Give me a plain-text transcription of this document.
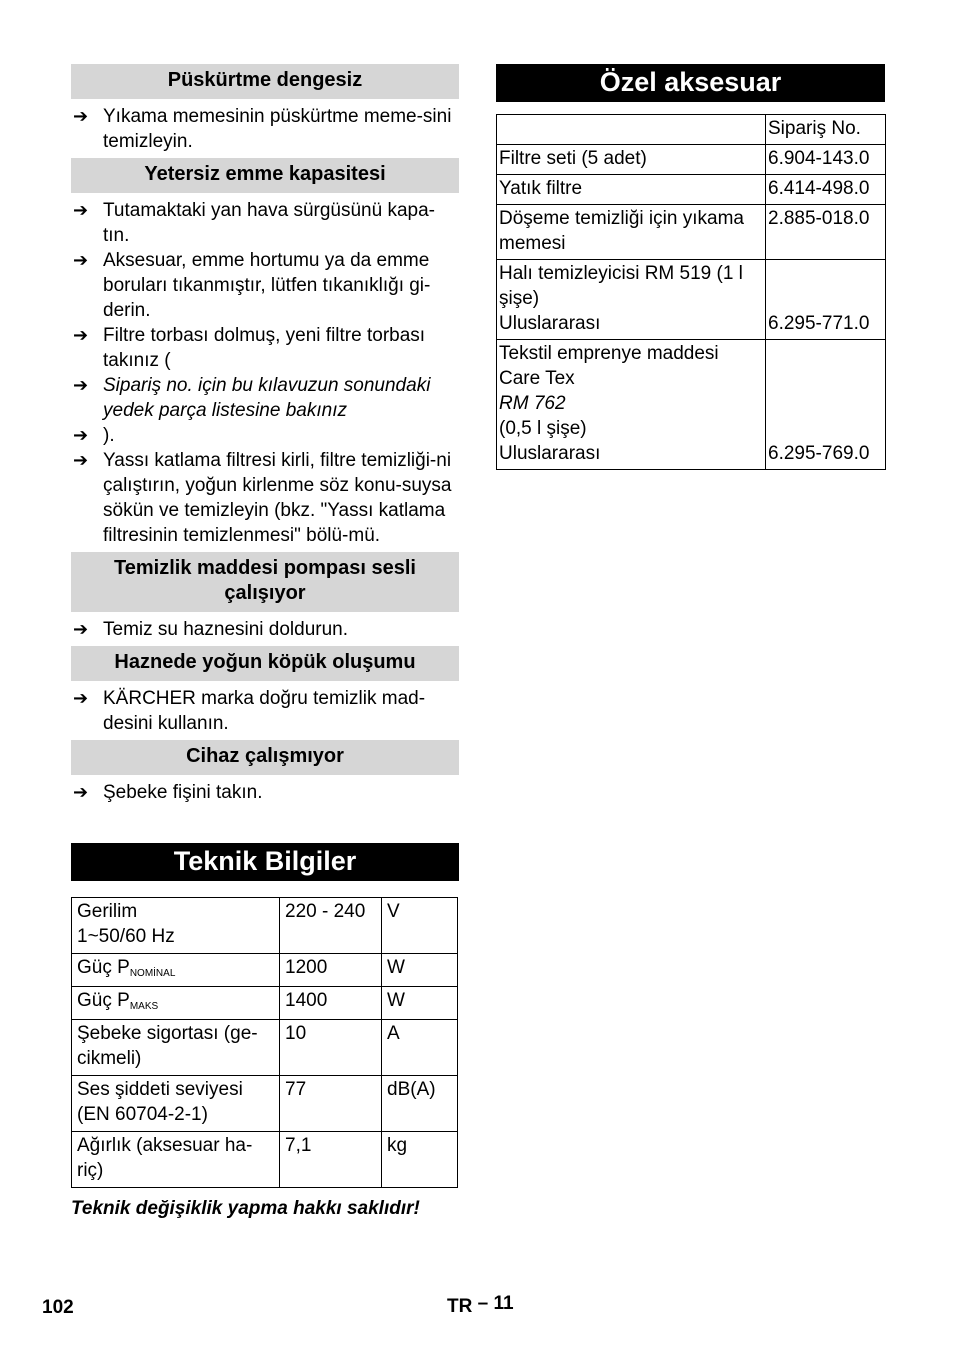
Püskürtme dengesiz
➔ Yıkama memesinin püskürtme meme-sini temizleyin.
Yetersiz emme kapasitesi
➔ Tutamaktaki yan hava sürgüsünü kapa-tın.
➔ Aksesuar, emme hortumu ya da emme boruları tıkanmıştır, lütfen tıkanıklığı gi-derin.
➔ Filtre torbası dolmuş, yeni filtre torbası takınız (
➔ Sipariş no. için bu kılavuzun sonundaki yedek parça listesine bakınız
➔ ).
➔ Yassı katlama filtresi kirli, filtre temizliği-ni çalıştırın, yoğun kirlenme söz konu-suysa sökün ve temizleyin (bkz. "Yassı katlama filtresinin temizlenmesi" bölü-mü.
Temizlik maddesi pompası sesli çalışıyor
➔ Temiz su haznesini doldurun.
Haznede yoğun köpük oluşumu
➔ KÄRCHER marka doğru temizlik mad-desini kullanın.
Cihaz çalışmıyor
➔ Şebeke fişini takın.
Teknik Bilgiler
Gerilim
1~50/60 Hz	220 - 240	V
Güç $P_{NOMİNAL}$	1200	W
Güç $P_{MAKS}$	1400	W
Şebeke sigortası (ge-
cikmeli)	10	A
Ses şiddeti seviyesi
(EN 60704-2-1)	77	dB(A)
Ağırlık (aksesuar ha-
riç)	7,1	kg
Teknik değişiklik yapma hakkı saklıdır!
Özel aksesuar
	Sipariş No.

Filtre seti (5 adet)	6.904-143.0

Yatık filtre	6.414-498.0

Döşeme temizliği için yıkama
memesi	2.885-018.0

Halı temizleyicisi RM 519 (1 l
şişe)
Uluslararası	6.295-771.0

Tekstil emprenye maddesi
Care Tex
RM 762
(0,5 l şişe)
Uluslararası	6.295-769.0
102	TR – 11
